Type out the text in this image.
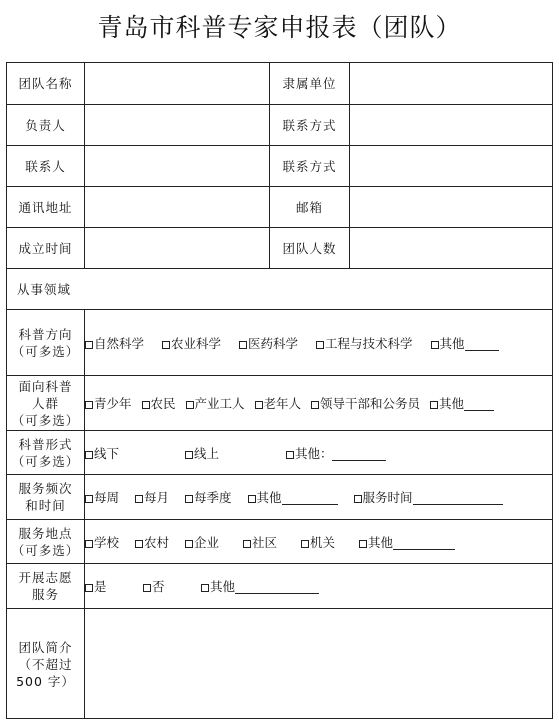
青岛市科普专家申报表（团队）
团队名称		隶属单位	
负责人		联系方式	
联系人		联系方式	
通讯地址		邮箱	
成立时间		团队人数	
从事领域			

科普方向
（可多选）	自然科学 农业科学 医药科学 工程与技术科学 其他		

面向科普
人群
（可多选）	青少年 农民 产业工人 老年人 领导干部和公务员 其他		

科普形式
（可多选）	线下 线上 其他：		

服务频次
和时间	每周 每月 每季度 其他 服务时间		

服务地点
（可多选）	学校 农村 企业 社区 机关 其他		

开展志愿
服务	是 否 其他		

团队简介
（不超过
500 字）			
